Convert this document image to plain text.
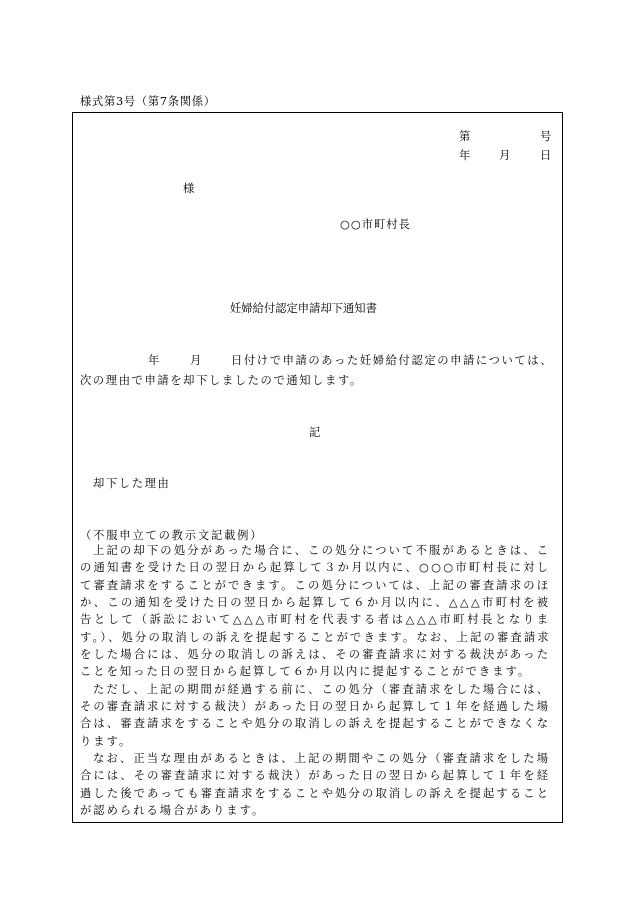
様式第3号（第7条関係）
第	号
年	月	日
様
○○市町村長
妊婦給付認定申請却下通知書
年	月	日付けで申請のあった妊婦給付認定の申請については、
次の理由で申請を却下しましたので通知します。
記
却下した理由
（不服申立ての教示文記載例）
上記の却下の処分があった場合に、この処分について不服があるときは、こ
の通知書を受けた日の翌日から起算して３か月以内に、○○○市町村長に対し
て審査請求をすることができます。この処分については、上記の審査請求のほ
か、この通知を受けた日の翌日から起算して６か月以内に、△△△市町村を被
告として（訴訟において△△△市町村を代表する者は△△△市町村長となりま
す。）、処分の取消しの訴えを提起することができます。なお、上記の審査請求
をした場合には、処分の取消しの訴えは、その審査請求に対する裁決があった
ことを知った日の翌日から起算して６か月以内に提起することができます。
ただし、上記の期間が経過する前に、この処分（審査請求をした場合には、
その審査請求に対する裁決）があった日の翌日から起算して１年を経過した場
合は、審査請求をすることや処分の取消しの訴えを提起することができなくな
ります。
なお、正当な理由があるときは、上記の期間やこの処分（審査請求をした場
合には、その審査請求に対する裁決）があった日の翌日から起算して１年を経
過した後であっても審査請求をすることや処分の取消しの訴えを提起すること
が認められる場合があります。
